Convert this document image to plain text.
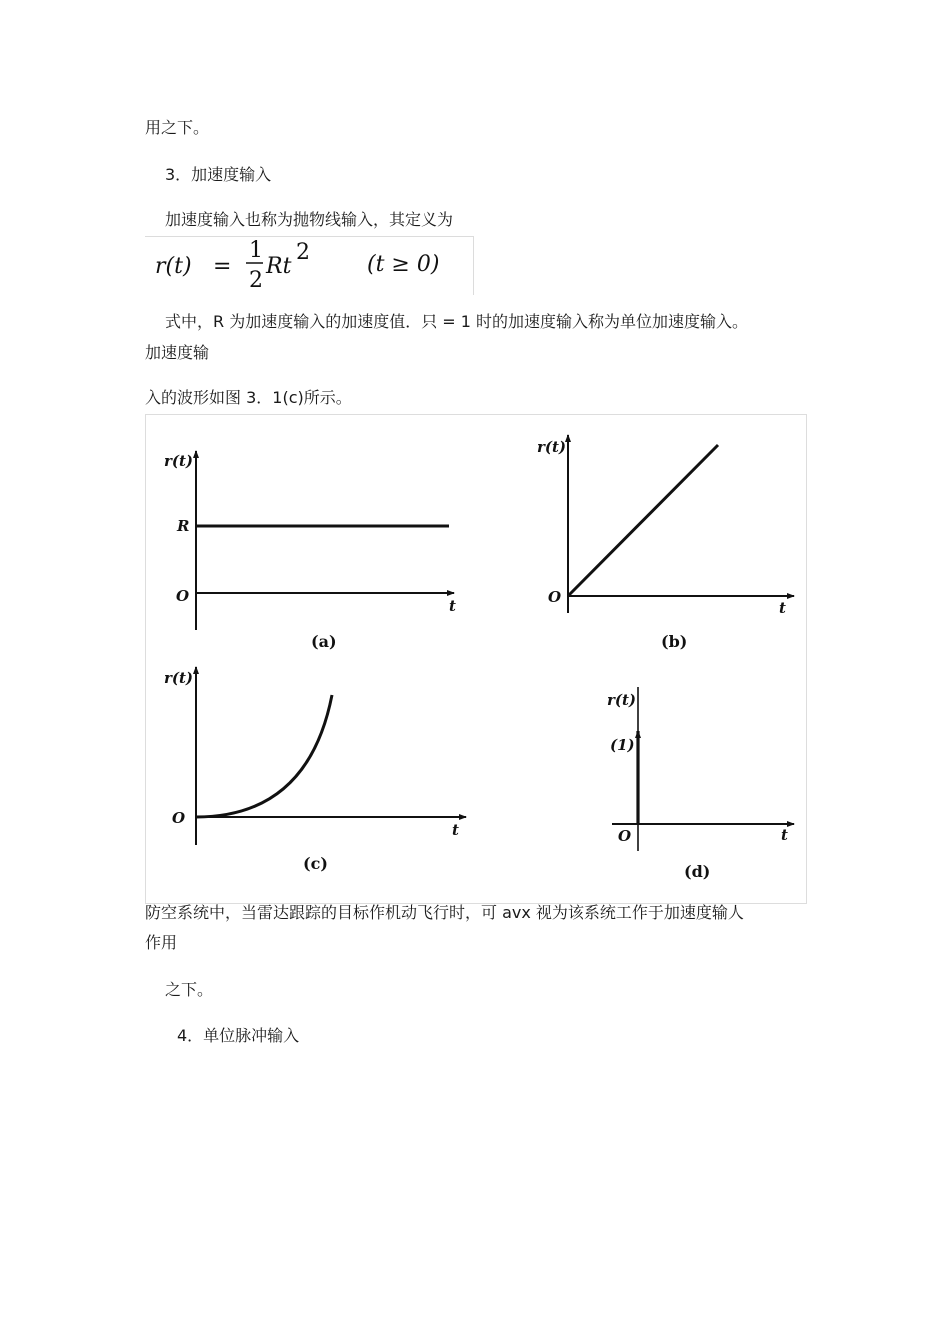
用之下。
3．加速度输入
加速度输入也称为抛物线输入，其定义为
r(t) =
1
2
Rt
2	(t ≥ 0)
式中，R 为加速度输入的加速度值．只 = 1 时的加速度输入称为单位加速度输入。
加速度输
入的波形如图 3．1(c)所示。
r(t)
R
O
t
(a)
r(t)
O
t
(b)
r(t)
O
t
(c)
r(t)
(1)
O	t
(d)
防空系统中，当雷达跟踪的目标作机动飞行时，可 avx 视为该系统工作于加速度输人
作用
之下。
4．单位脉冲输入
